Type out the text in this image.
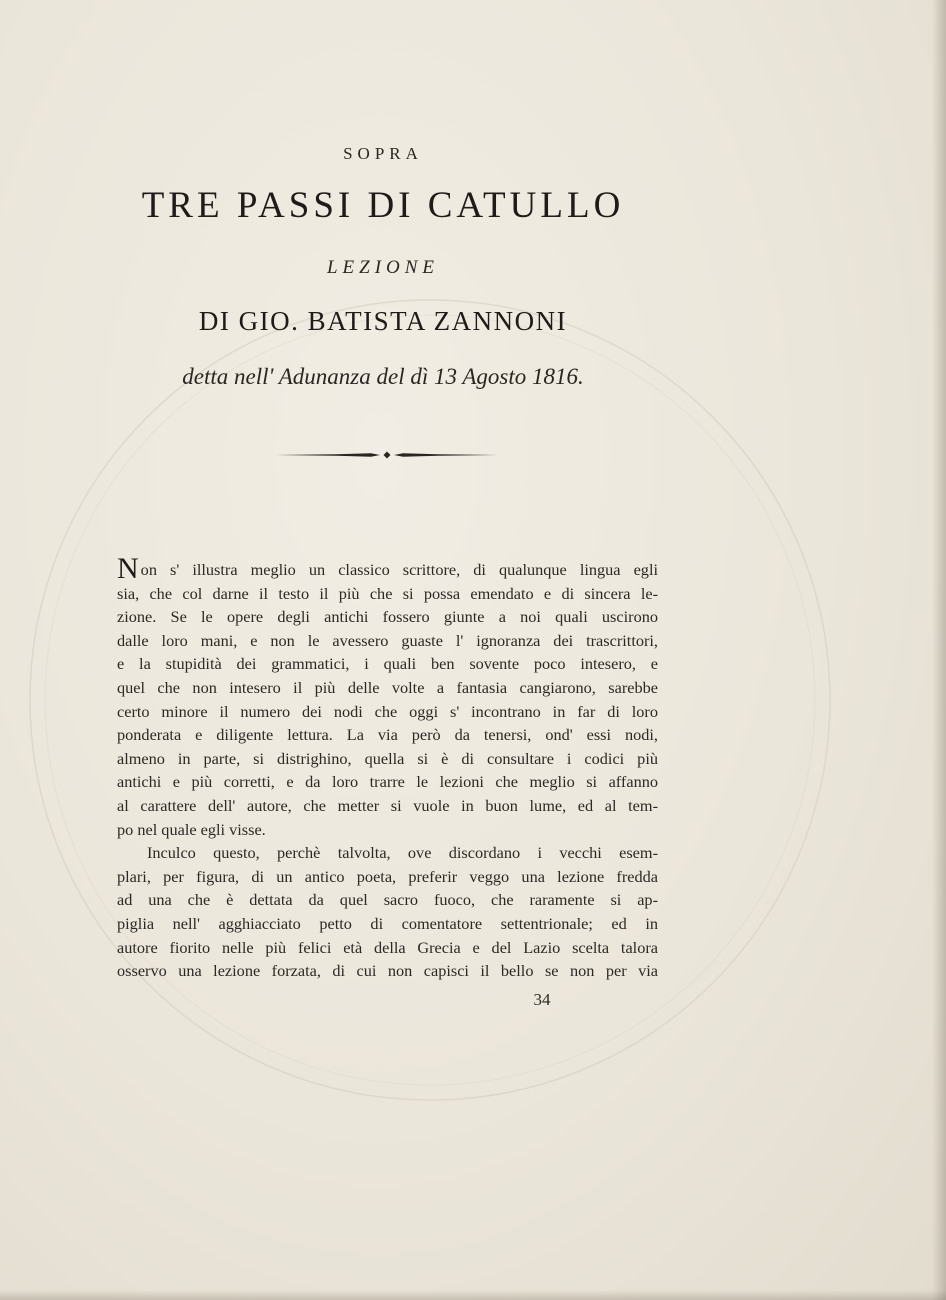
SOPRA
TRE PASSI DI CATULLO
LEZIONE
DI GIO. BATISTA ZANNONI
detta nell' Adunanza del dì 13 Agosto 1816.
Non s' illustra meglio un classico scrittore, di qualunque lingua egli
sia, che col darne il testo il più che si possa emendato e di sincera le-
zione. Se le opere degli antichi fossero giunte a noi quali uscirono
dalle loro mani, e non le avessero guaste l' ignoranza dei trascrittori,
e la stupidità dei grammatici, i quali ben sovente poco intesero, e
quel che non intesero il più delle volte a fantasia cangiarono, sarebbe
certo minore il numero dei nodi che oggi s' incontrano in far di loro
ponderata e diligente lettura. La via però da tenersi, ond' essi nodi,
almeno in parte, si distrighino, quella si è di consultare i codici più
antichi e più corretti, e da loro trarre le lezioni che meglio si affanno
al carattere dell' autore, che metter si vuole in buon lume, ed al tem-
po nel quale egli visse.
Inculco questo, perchè talvolta, ove discordano i vecchi esem-
plari, per figura, di un antico poeta, preferir veggo una lezione fredda
ad una che è dettata da quel sacro fuoco, che raramente si ap-
piglia nell' agghiacciato petto di comentatore settentrionale; ed in
autore fiorito nelle più felici età della Grecia e del Lazio scelta talora
osservo una lezione forzata, di cui non capisci il bello se non per via
34
